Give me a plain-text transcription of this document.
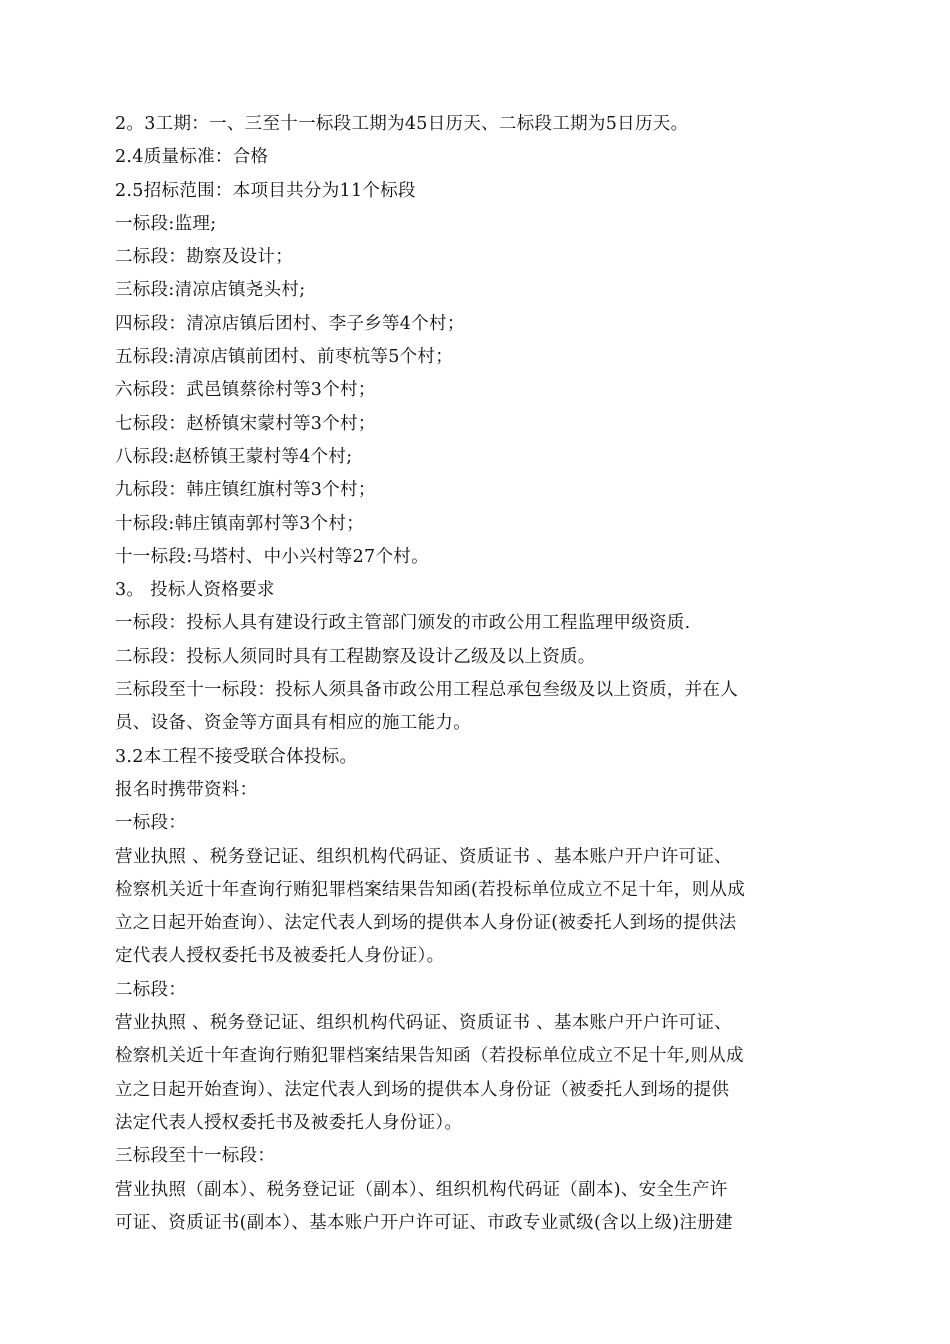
2。3工期：一、三至十一标段工期为45日历天、二标段工期为5日历天。

2.4质量标准：合格

2.5招标范围：本项目共分为11个标段

一标段:监理;

二标段：勘察及设计；

三标段:清凉店镇尧头村;

四标段：清凉店镇后团村、李子乡等4个村；

五标段:清凉店镇前团村、前枣杭等5个村；

六标段：武邑镇蔡徐村等3个村；

七标段：赵桥镇宋蒙村等3个村；

八标段:赵桥镇王蒙村等4个村;

九标段：韩庄镇红旗村等3个村；

十标段:韩庄镇南郭村等3个村；

十一标段:马塔村、中小兴村等27个村。

3。 投标人资格要求

一标段：投标人具有建设行政主管部门颁发的市政公用工程监理甲级资质.

二标段：投标人须同时具有工程勘察及设计乙级及以上资质。

三标段至十一标段：投标人须具备市政公用工程总承包叁级及以上资质，并在人

员、设备、资金等方面具有相应的施工能力。

3.2本工程不接受联合体投标。

报名时携带资料：

一标段：

营业执照 、税务登记证、组织机构代码证、资质证书 、基本账户开户许可证、

检察机关近十年查询行贿犯罪档案结果告知函(若投标单位成立不足十年，则从成

立之日起开始查询）、法定代表人到场的提供本人身份证(被委托人到场的提供法

定代表人授权委托书及被委托人身份证）。

二标段：

营业执照 、税务登记证、组织机构代码证、资质证书 、基本账户开户许可证、

检察机关近十年查询行贿犯罪档案结果告知函（若投标单位成立不足十年,则从成

立之日起开始查询）、法定代表人到场的提供本人身份证（被委托人到场的提供

法定代表人授权委托书及被委托人身份证）。

三标段至十一标段：

营业执照（副本）、税务登记证（副本）、组织机构代码证（副本)、安全生产许

可证、资质证书(副本）、基本账户开户许可证、市政专业贰级(含以上级)注册建
